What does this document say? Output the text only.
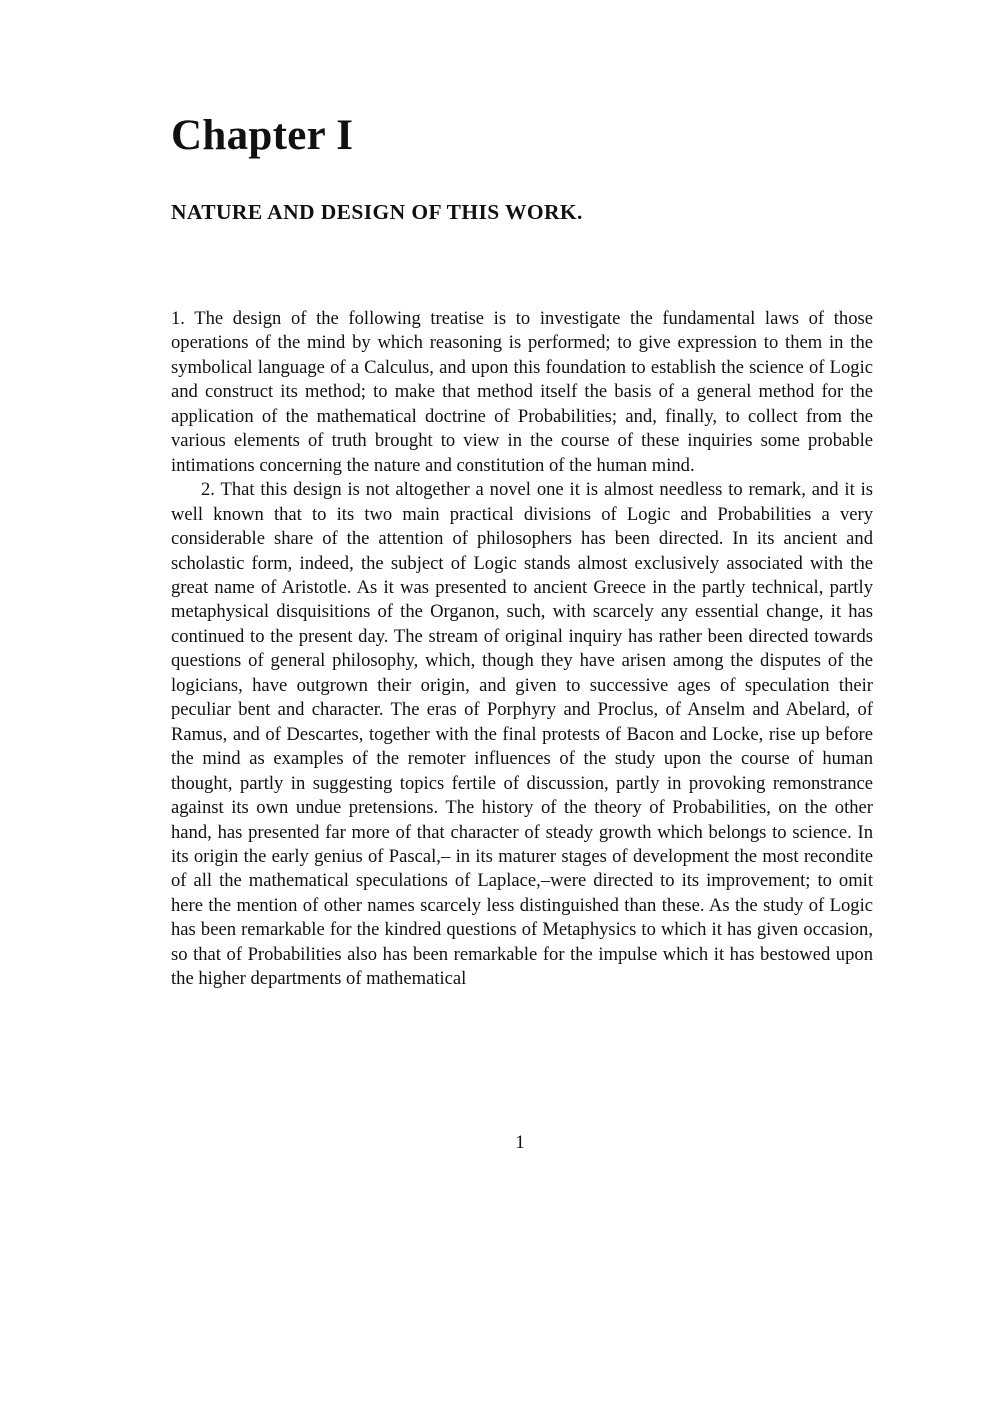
Chapter I
NATURE AND DESIGN OF THIS WORK.

1. The design of the following treatise is to investigate the fundamental laws of those operations of the mind by which reasoning is performed; to give expression to them in the symbolical language of a Calculus, and upon this foundation to establish the science of Logic and construct its method; to make that method itself the basis of a general method for the application of the mathematical doctrine of Probabilities; and, finally, to collect from the various elements of truth brought to view in the course of these inquiries some probable intimations concerning the nature and constitution of the human mind.

2. That this design is not altogether a novel one it is almost needless to remark, and it is well known that to its two main practical divisions of Logic and Probabilities a very considerable share of the attention of philosophers has been directed. In its ancient and scholastic form, indeed, the subject of Logic stands almost exclusively associated with the great name of Aristotle. As it was presented to ancient Greece in the partly technical, partly metaphysical disquisitions of the Organon, such, with scarcely any essential change, it has continued to the present day. The stream of original inquiry has rather been directed towards questions of general philosophy, which, though they have arisen among the disputes of the logicians, have outgrown their origin, and given to successive ages of speculation their peculiar bent and character. The eras of Porphyry and Proclus, of Anselm and Abelard, of Ramus, and of Descartes, together with the final protests of Bacon and Locke, rise up before the mind as examples of the remoter influences of the study upon the course of human thought, partly in suggesting topics fertile of discussion, partly in provoking remonstrance against its own undue pretensions. The history of the theory of Probabilities, on the other hand, has presented far more of that character of steady growth which belongs to science. In its origin the early genius of Pascal,– in its maturer stages of development the most recondite of all the mathematical speculations of Laplace,–were directed to its improvement; to omit here the mention of other names scarcely less distinguished than these. As the study of Logic has been remarkable for the kindred questions of Metaphysics to which it has given occasion, so that of Probabilities also has been remarkable for the impulse which it has bestowed upon the higher departments of mathematical

1
